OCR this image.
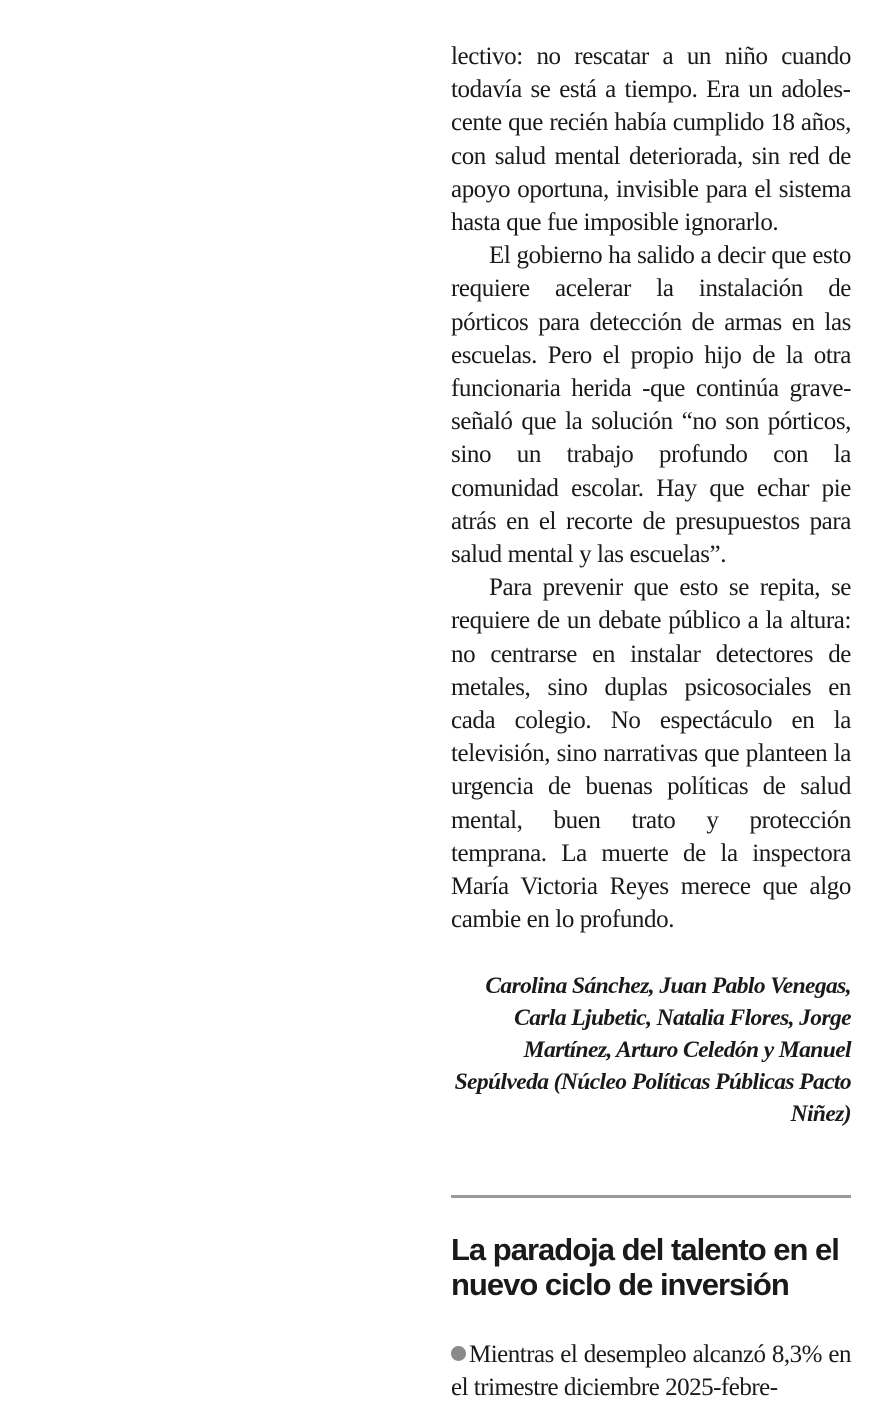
lectivo: no rescatar a un niño cuando todavía se está a tiempo. Era un adolescente que recién había cumplido 18 años, con salud mental deteriorada, sin red de apoyo oportuna, invisible para el sistema hasta que fue imposible ignorarlo.

El gobierno ha salido a decir que esto requiere acelerar la instalación de pórticos para detección de armas en las escuelas. Pero el propio hijo de la otra funcionaria herida -que continúa grave- señaló que la solución “no son pórticos, sino un trabajo profundo con la comunidad escolar. Hay que echar pie atrás en el recorte de presupuestos para salud mental y las escuelas”.

Para prevenir que esto se repita, se requiere de un debate público a la altura: no centrarse en instalar detectores de metales, sino duplas psicosociales en cada colegio. No espectáculo en la televisión, sino narrativas que planteen la urgencia de buenas políticas de salud mental, buen trato y protección temprana. La muerte de la inspectora María Victoria Reyes merece que algo cambie en lo profundo.

Carolina Sánchez, Juan Pablo Venegas, Carla Ljubetic, Natalia Flores, Jorge Martínez, Arturo Celedón y Manuel Sepúlveda (Núcleo Políticas Públicas Pacto Niñez)
La paradoja del talento en el nuevo ciclo de inversión

Mientras el desempleo alcanzó 8,3% en el trimestre diciembre 2025-febre-
